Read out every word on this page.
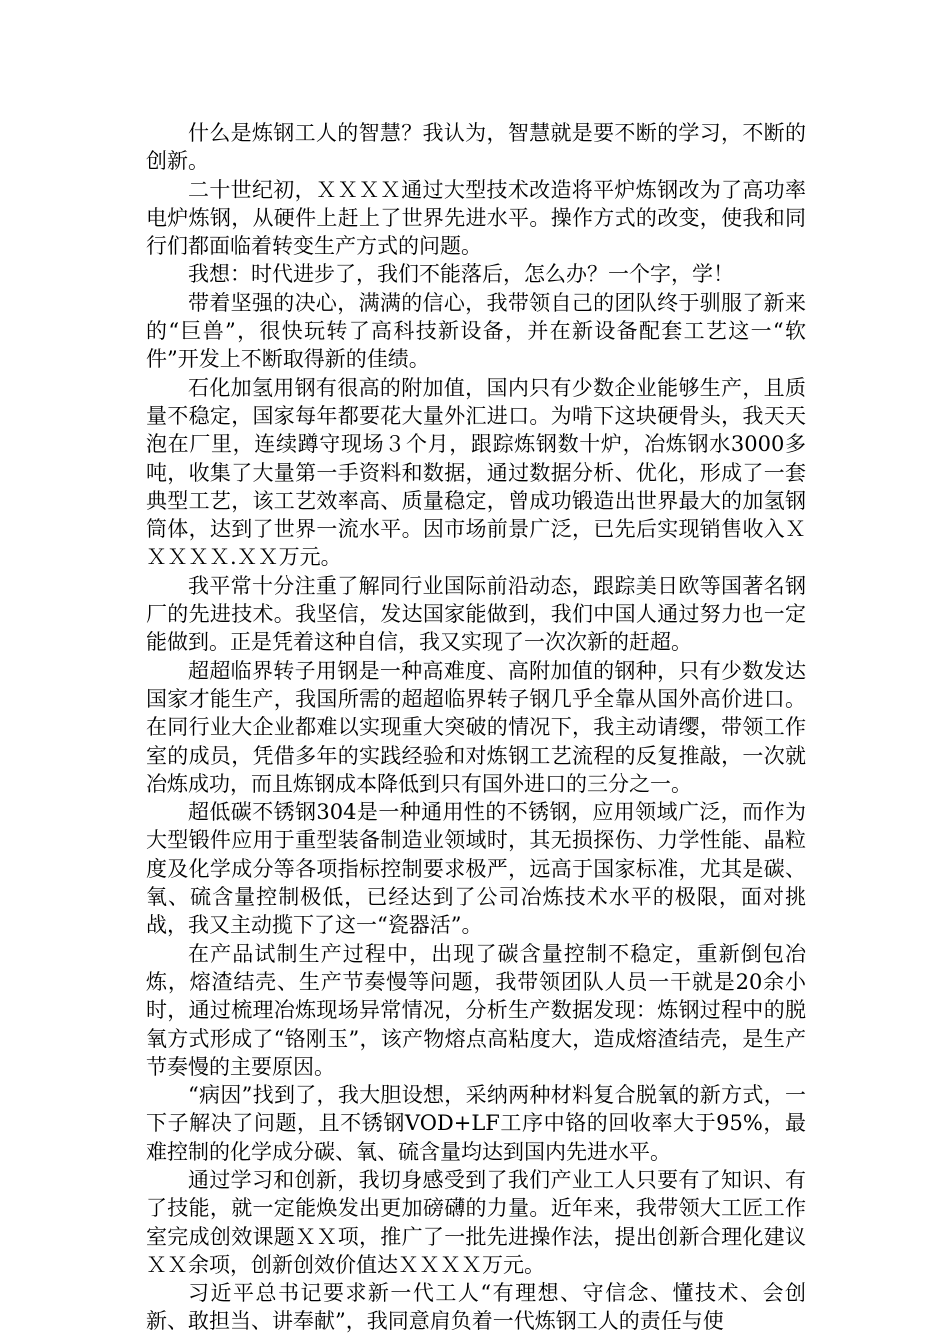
什么是炼钢工人的智慧？我认为，智慧就是要不断的学习，不断的创新。

二十世纪初，ＸＸＸＸ通过大型技术改造将平炉炼钢改为了高功率电炉炼钢，从硬件上赶上了世界先进水平。操作方式的改变，使我和同行们都面临着转变生产方式的问题。

我想：时代进步了，我们不能落后，怎么办？一个字，学！

带着坚强的决心，满满的信心，我带领自己的团队终于驯服了新来的“巨兽”，很快玩转了高科技新设备，并在新设备配套工艺这一“软件”开发上不断取得新的佳绩。

石化加氢用钢有很高的附加值，国内只有少数企业能够生产，且质量不稳定，国家每年都要花大量外汇进口。为啃下这块硬骨头，我天天泡在厂里，连续蹲守现场３个月，跟踪炼钢数十炉，冶炼钢水3000多吨，收集了大量第一手资料和数据，通过数据分析、优化，形成了一套典型工艺，该工艺效率高、质量稳定，曾成功锻造出世界最大的加氢钢筒体，达到了世界一流水平。因市场前景广泛，已先后实现销售收入ＸＸＸＸＸ.ＸＸ万元。

我平常十分注重了解同行业国际前沿动态，跟踪美日欧等国著名钢厂的先进技术。我坚信，发达国家能做到，我们中国人通过努力也一定能做到。正是凭着这种自信，我又实现了一次次新的赶超。

超超临界转子用钢是一种高难度、高附加值的钢种，只有少数发达国家才能生产，我国所需的超超临界转子钢几乎全靠从国外高价进口。在同行业大企业都难以实现重大突破的情况下，我主动请缨，带领工作室的成员，凭借多年的实践经验和对炼钢工艺流程的反复推敲，一次就冶炼成功，而且炼钢成本降低到只有国外进口的三分之一。

超低碳不锈钢304是一种通用性的不锈钢，应用领域广泛，而作为大型锻件应用于重型装备制造业领域时，其无损探伤、力学性能、晶粒度及化学成分等各项指标控制要求极严，远高于国家标准，尤其是碳、氧、硫含量控制极低，已经达到了公司冶炼技术水平的极限，面对挑战，我又主动揽下了这一“瓷器活”。

在产品试制生产过程中，出现了碳含量控制不稳定，重新倒包冶炼，熔渣结壳、生产节奏慢等问题，我带领团队人员一干就是20余小时，通过梳理冶炼现场异常情况，分析生产数据发现：炼钢过程中的脱氧方式形成了“铬刚玉”，该产物熔点高粘度大，造成熔渣结壳，是生产节奏慢的主要原因。

“病因”找到了，我大胆设想，采纳两种材料复合脱氧的新方式，一下子解决了问题，且不锈钢VOD+LF工序中铬的回收率大于95%，最难控制的化学成分碳、氧、硫含量均达到国内先进水平。

通过学习和创新，我切身感受到了我们产业工人只要有了知识、有了技能，就一定能焕发出更加磅礴的力量。近年来，我带领大工匠工作室完成创效课题ＸＸ项，推广了一批先进操作法，提出创新合理化建议ＸＸ余项，创新创效价值达ＸＸＸＸ万元。

习近平总书记要求新一代工人“有理想、守信念、懂技术、会创新、敢担当、讲奉献”，我同意肩负着一代炼钢工人的责任与使
